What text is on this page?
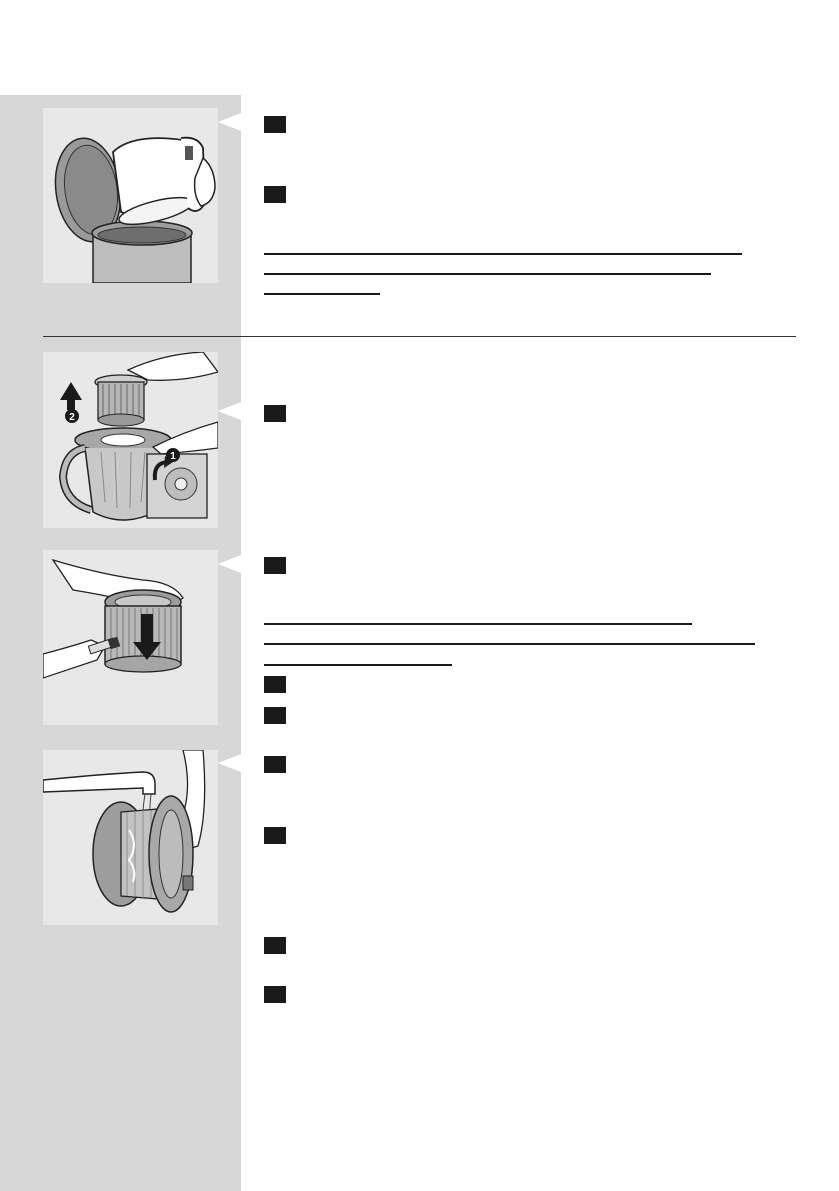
2
1
